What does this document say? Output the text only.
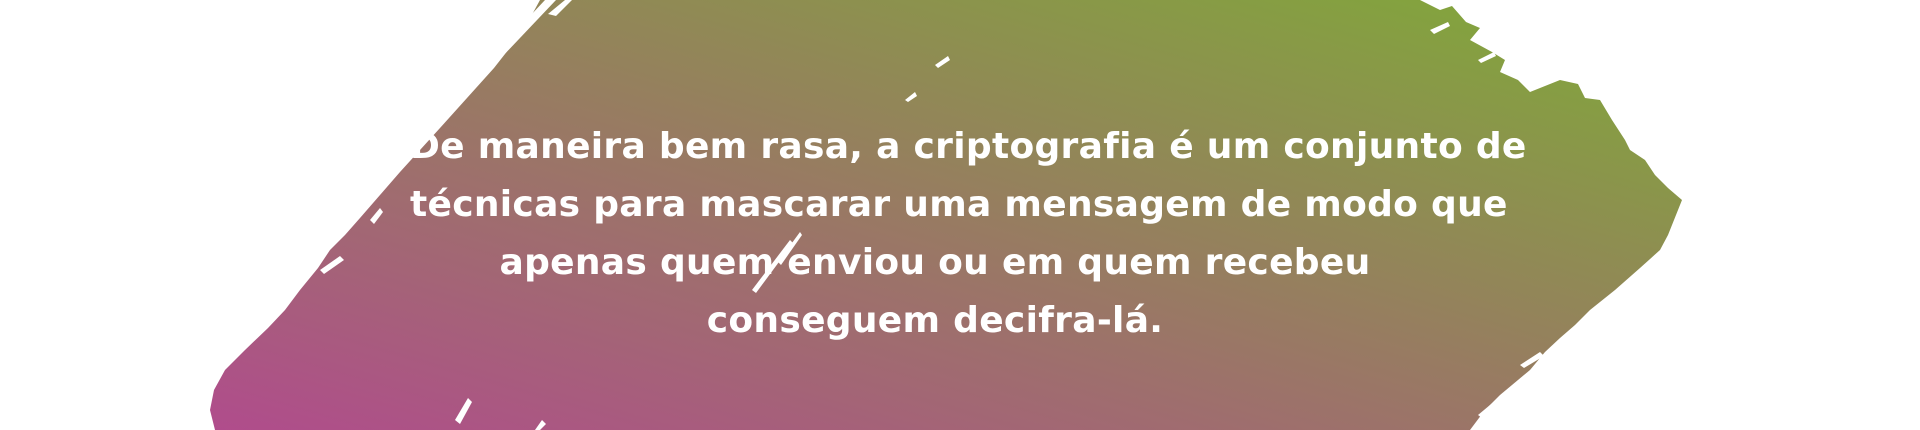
De maneira bem rasa, a criptografia é um conjunto de
técnicas para mascarar uma mensagem de modo que
apenas quem enviou ou em quem recebeu
conseguem decifra-lá.
